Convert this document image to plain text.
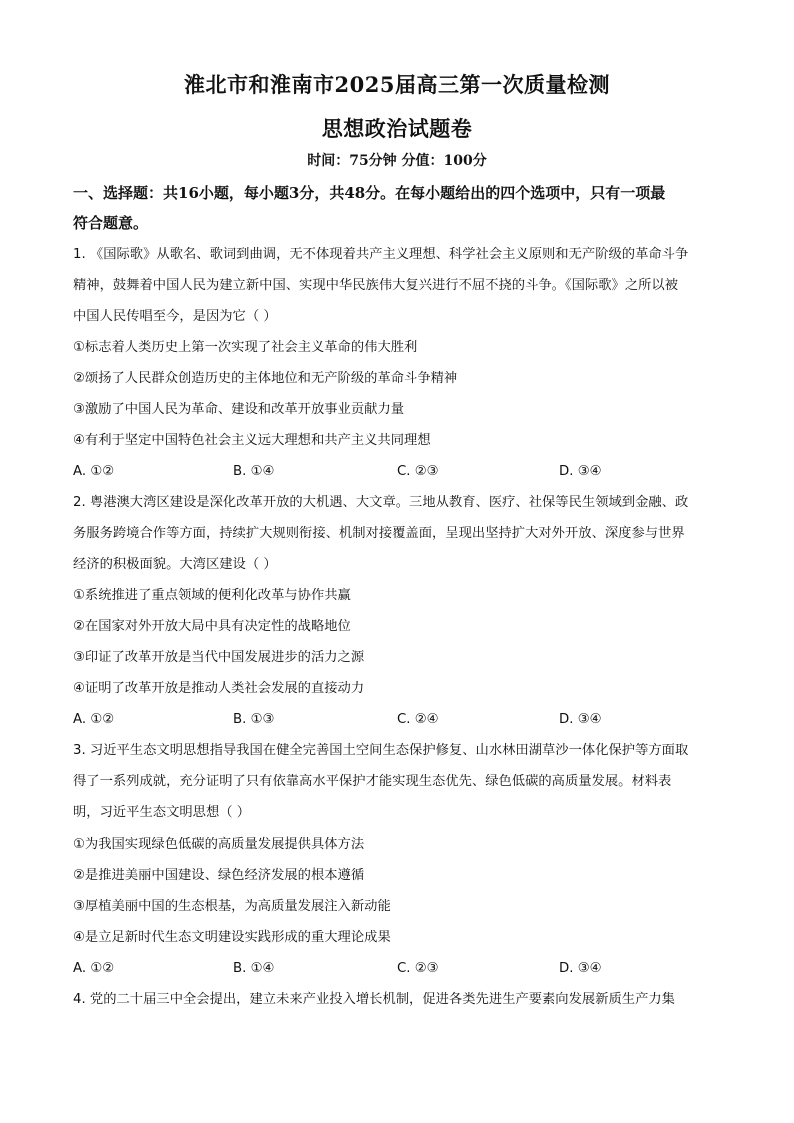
淮北市和淮南市2025届高三第一次质量检测
思想政治试题卷
时间：75分钟 分值：100分
一、选择题：共16小题，每小题3分，共48分。在每小题给出的四个选项中，只有一项最
符合题意。
1. 《国际歌》从歌名、歌词到曲调，无不体现着共产主义理想、科学社会主义原则和无产阶级的革命斗争
精神，鼓舞着中国人民为建立新中国、实现中华民族伟大复兴进行不屈不挠的斗争。《国际歌》之所以被
中国人民传唱至今，是因为它（ ）
①标志着人类历史上第一次实现了社会主义革命的伟大胜利
②颂扬了人民群众创造历史的主体地位和无产阶级的革命斗争精神
③激励了中国人民为革命、建设和改革开放事业贡献力量
④有利于坚定中国特色社会主义远大理想和共产主义共同理想
A. ①②	B. ①④	C. ②③	D. ③④
2. 粤港澳大湾区建设是深化改革开放的大机遇、大文章。三地从教育、医疗、社保等民生领域到金融、政
务服务跨境合作等方面，持续扩大规则衔接、机制对接覆盖面，呈现出坚持扩大对外开放、深度参与世界
经济的积极面貌。大湾区建设（ ）
①系统推进了重点领域的便利化改革与协作共赢
②在国家对外开放大局中具有决定性的战略地位
③印证了改革开放是当代中国发展进步的活力之源
④证明了改革开放是推动人类社会发展的直接动力
A. ①②	B. ①③	C. ②④	D. ③④
3. 习近平生态文明思想指导我国在健全完善国土空间生态保护修复、山水林田湖草沙一体化保护等方面取
得了一系列成就，充分证明了只有依靠高水平保护才能实现生态优先、绿色低碳的高质量发展。材料表
明，习近平生态文明思想（ ）
①为我国实现绿色低碳的高质量发展提供具体方法
②是推进美丽中国建设、绿色经济发展的根本遵循
③厚植美丽中国的生态根基，为高质量发展注入新动能
④是立足新时代生态文明建设实践形成的重大理论成果
A. ①②	B. ①④	C. ②③	D. ③④
4. 党的二十届三中全会提出，建立未来产业投入增长机制，促进各类先进生产要素向发展新质生产力集
